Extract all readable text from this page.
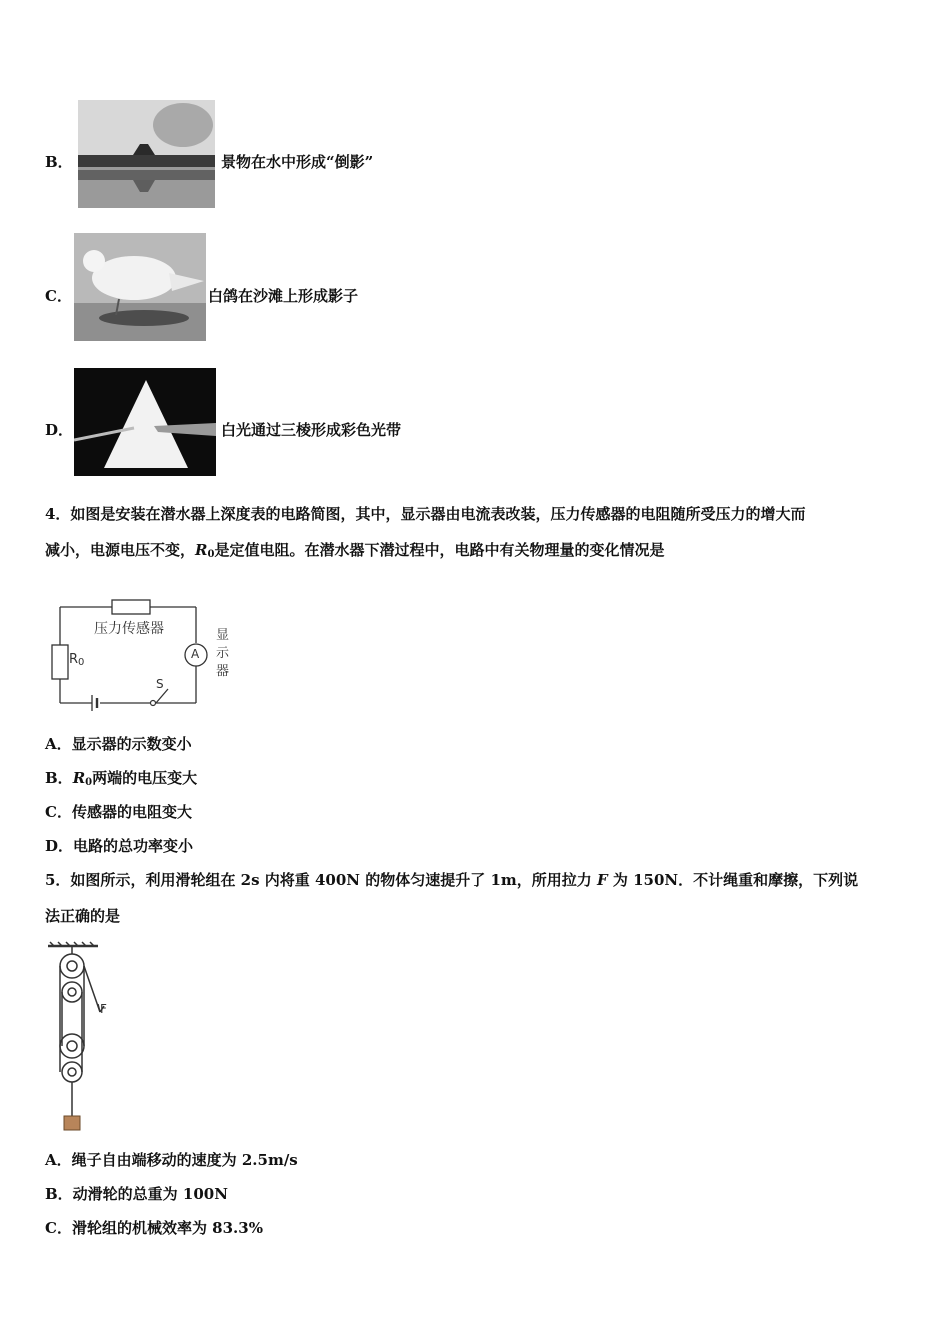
B．	景物在水中形成“倒影”
C．	白鸽在沙滩上形成影子
D．	白光通过三棱形成彩色光带
4．如图是安装在潜水器上深度表的电路简图，其中，显示器由电流表改装，压力传感器的电阻随所受压力的增大而
减小，电源电压不变，$R_0$是定值电阻。在潜水器下潜过程中，电路中有关物理量的变化情况是
压力传感器
$R_0$
A
显
示
器
S
A．显示器的示数变小
B．$R_0$两端的电压变大
C．传感器的电阻变大
D．电路的总功率变小
5．如图所示，利用滑轮组在 2s 内将重 400N 的物体匀速提升了 1m，所用拉力 F 为 150N．不计绳重和摩擦，下列说
法正确的是
F
A．绳子自由端移动的速度为 2.5m/s
B．动滑轮的总重为 100N
C．滑轮组的机械效率为 83.3%
